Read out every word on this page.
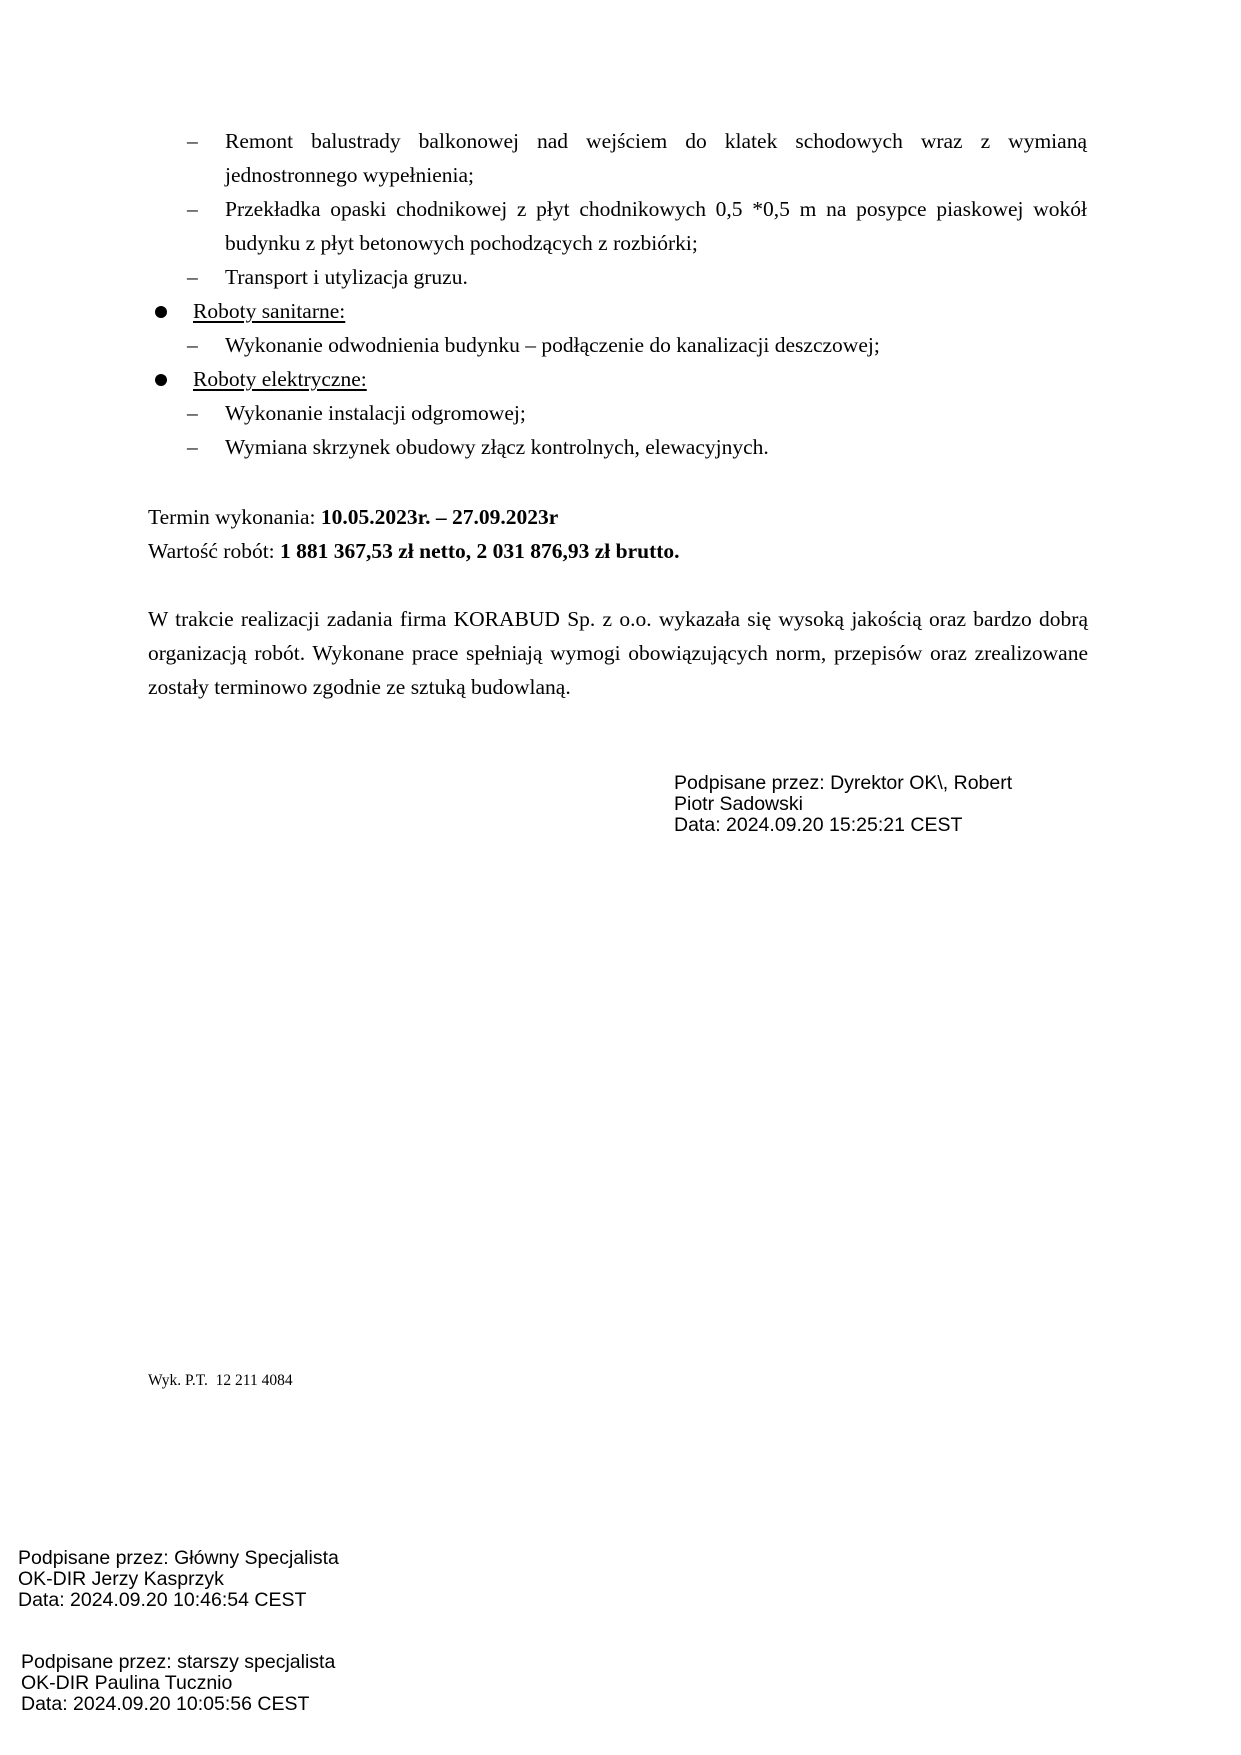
– Remont balustrady balkonowej nad wejściem do klatek schodowych wraz z wymianą jednostronnego wypełnienia;
– Przekładka opaski chodnikowej z płyt chodnikowych 0,5 *0,5 m na posypce piaskowej wokół budynku z płyt betonowych pochodzących z rozbiórki;
– Transport i utylizacja gruzu.
Roboty sanitarne:
– Wykonanie odwodnienia budynku – podłączenie do kanalizacji deszczowej;
Roboty elektryczne:
– Wykonanie instalacji odgromowej;
– Wymiana skrzynek obudowy złącz kontrolnych, elewacyjnych.
Termin wykonania: 10.05.2023r. – 27.09.2023r
Wartość robót: 1 881 367,53 zł netto, 2 031 876,93 zł brutto.
W trakcie realizacji zadania firma KORABUD Sp. z o.o. wykazała się wysoką jakością oraz bardzo dobrą organizacją robót. Wykonane prace spełniają wymogi obowiązujących norm, przepisów oraz zrealizowane zostały terminowo zgodnie ze sztuką budowlaną.
Podpisane przez: Dyrektor OK\, Robert
Piotr Sadowski
Data: 2024.09.20 15:25:21 CEST
Wyk. P.T.  12 211 4084
Podpisane przez: Główny Specjalista
OK-DIR Jerzy Kasprzyk
Data: 2024.09.20 10:46:54 CEST
Podpisane przez: starszy specjalista
OK-DIR Paulina Tucznio
Data: 2024.09.20 10:05:56 CEST
